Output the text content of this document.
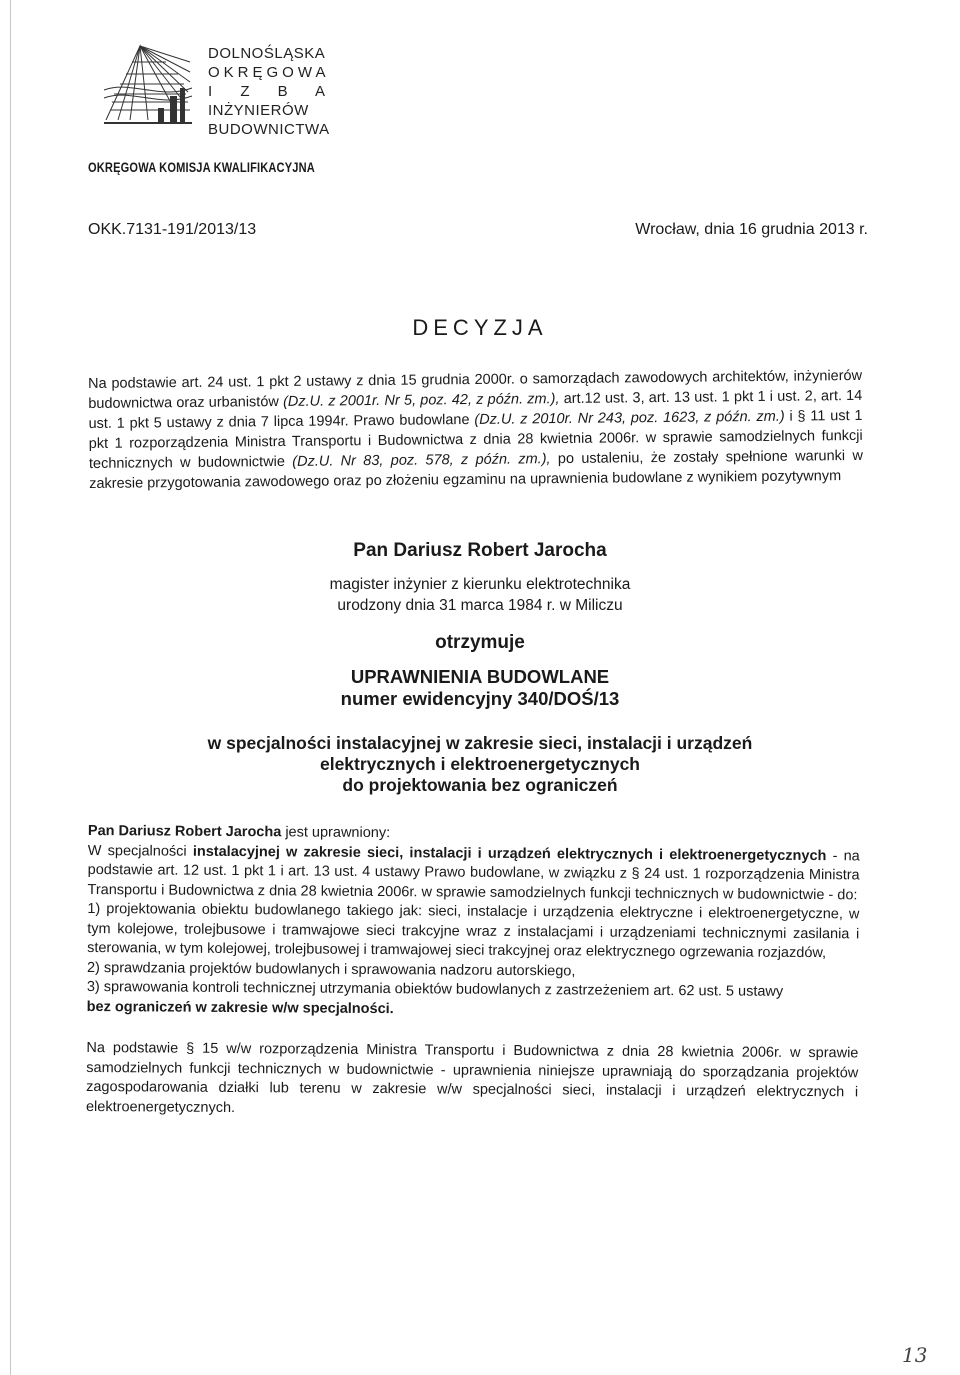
DOLNOŚLĄSKA
OKRĘGOWA
I Z B A
INŻYNIERÓW
BUDOWNICTWA
OKRĘGOWA KOMISJA KWALIFIKACYJNA
OKK.7131-191/2013/13	Wrocław, dnia 16 grudnia 2013 r.
DECYZJA
Na podstawie art. 24 ust. 1 pkt 2 ustawy z dnia 15 grudnia 2000r. o samorządach zawodowych architektów, inżynierów budownictwa oraz urbanistów (Dz.U. z 2001r. Nr 5, poz. 42, z późn. zm.), art.12 ust. 3, art. 13 ust. 1 pkt 1 i ust. 2, art. 14 ust. 1 pkt 5 ustawy z dnia 7 lipca 1994r. Prawo budowlane (Dz.U. z 2010r. Nr 243, poz. 1623, z późn. zm.) i § 11 ust 1 pkt 1 rozporządzenia Ministra Transportu i Budownictwa z dnia 28 kwietnia 2006r. w sprawie samodzielnych funkcji technicznych w budownictwie (Dz.U. Nr 83, poz. 578, z późn. zm.), po ustaleniu, że zostały spełnione warunki w zakresie przygotowania zawodowego oraz po złożeniu egzaminu na uprawnienia budowlane z wynikiem pozytywnym
Pan Dariusz Robert Jarocha
magister inżynier z kierunku elektrotechnika
urodzony dnia 31 marca 1984 r. w Miliczu
otrzymuje
UPRAWNIENIA BUDOWLANE
numer ewidencyjny 340/DOŚ/13
w specjalności instalacyjnej w zakresie sieci, instalacji i urządzeń
elektrycznych i elektroenergetycznych
do projektowania bez ograniczeń

Pan Dariusz Robert Jarocha jest uprawniony:

W specjalności instalacyjnej w zakresie sieci, instalacji i urządzeń elektrycznych i elektroenergetycznych - na podstawie art. 12 ust. 1 pkt 1 i art. 13 ust. 4 ustawy Prawo budowlane, w związku z § 24 ust. 1 rozporządzenia Ministra Transportu i Budownictwa z dnia 28 kwietnia 2006r. w sprawie samodzielnych funkcji technicznych w budownictwie - do:

1) projektowania obiektu budowlanego takiego jak: sieci, instalacje i urządzenia elektryczne i elektroenergetyczne, w tym kolejowe, trolejbusowe i tramwajowe sieci trakcyjne wraz z instalacjami i urządzeniami technicznymi zasilania i sterowania, w tym kolejowej, trolejbusowej i tramwajowej sieci trakcyjnej oraz elektrycznego ogrzewania rozjazdów,

2) sprawdzania projektów budowlanych i sprawowania nadzoru autorskiego,

3) sprawowania kontroli technicznej utrzymania obiektów budowlanych z zastrzeżeniem art. 62 ust. 5 ustawy

bez ograniczeń w zakresie w/w specjalności.

Na podstawie § 15 w/w rozporządzenia Ministra Transportu i Budownictwa z dnia 28 kwietnia 2006r. w sprawie samodzielnych funkcji technicznych w budownictwie - uprawnienia niniejsze uprawniają do sporządzania projektów zagospodarowania działki lub terenu w zakresie w/w specjalności sieci, instalacji i urządzeń elektrycznych i elektroenergetycznych.

13
